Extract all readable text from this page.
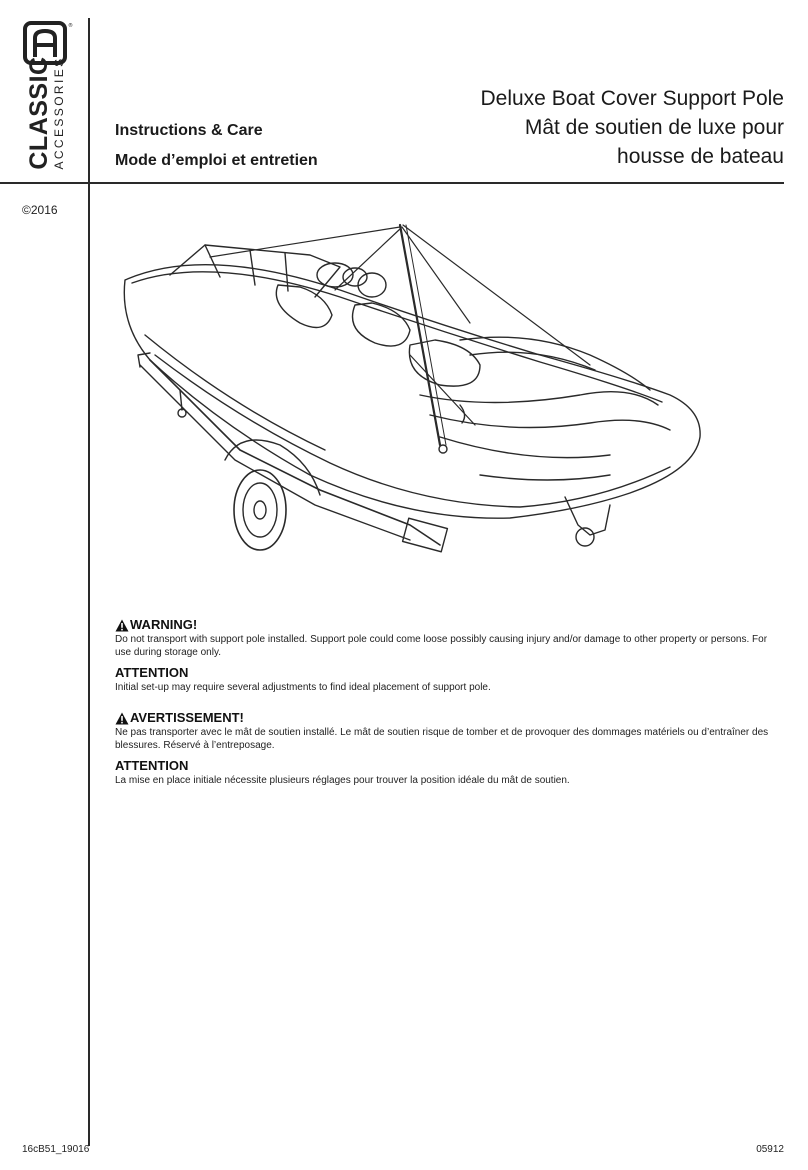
®
CLASSIC ACCESSORIES
©2016
Instructions & Care
Mode d’emploi et entretien
Deluxe Boat Cover Support Pole
Mât de soutien de luxe pour
housse de bateau
WARNING!
Do not transport with support pole installed. Support pole could come loose possibly causing injury and/or damage to other property or persons. For use during storage only.
ATTENTION
Initial set-up may require several adjustments to find ideal placement of support pole.
AVERTISSEMENT!
Ne pas transporter avec le mât de soutien installé. Le mât de soutien risque de tomber et de provoquer des dommages matériels ou d’entraîner des blessures. Réservé à l’entreposage.
ATTENTION
La mise en place initiale nécessite plusieurs réglages pour trouver la position idéale du mât de soutien.
16cB51_19016	05912
